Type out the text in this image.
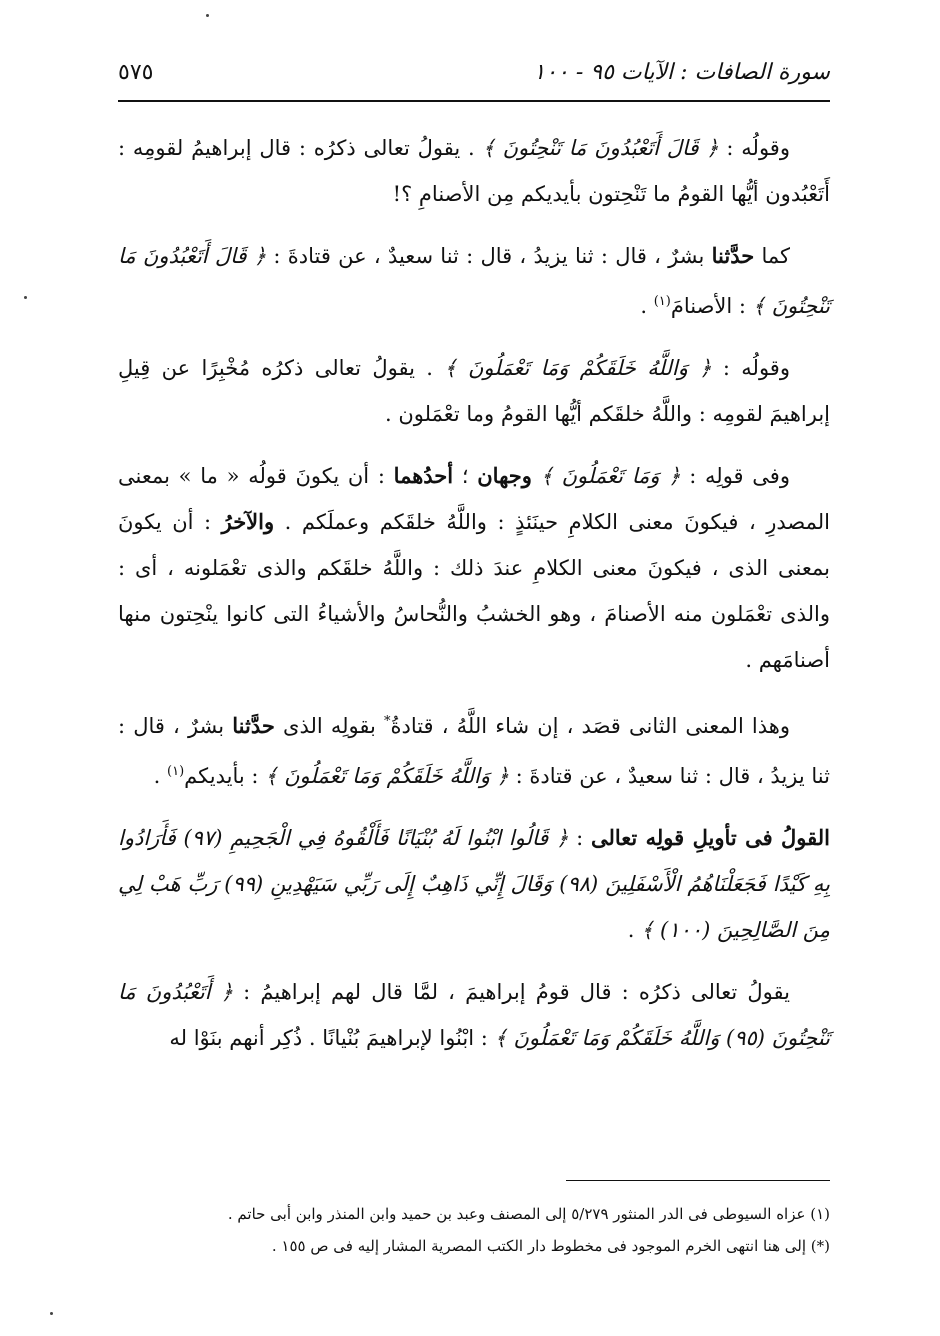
سورة الصافات : الآيات ٩٥ - ١٠٠
٥٧٥

وقولُه : ﴿ قَالَ أَتَعْبُدُونَ مَا تَنْحِتُونَ ﴾ . يقولُ تعالى ذكرُه : قال إبراهيمُ لقومِه : أَتَعْبُدون أيُّها القومُ ما تَنْحِتون بأيديكم مِن الأصنامِ ؟!

كما حدَّثنا بشرٌ ، قال : ثنا يزيدُ ، قال : ثنا سعيدٌ ، عن قتادةَ : ﴿ قَالَ أَتَعْبُدُونَ مَا تَنْحِتُونَ ﴾ : الأصنامَ$^{(١)}$ .

وقولُه : ﴿ وَاللَّهُ خَلَقَكُمْ وَمَا تَعْمَلُونَ ﴾ . يقولُ تعالى ذكرُه مُخْبِرًا عن قِيلِ إبراهيمَ لقومِه : واللَّهُ خلقَكم أيُّها القومُ وما تعْمَلون .

وفى قولِه : ﴿ وَمَا تَعْمَلُونَ ﴾ وجهان ؛ أحدُهما : أن يكونَ قولُه « ما » بمعنى المصدرِ ، فيكونَ معنى الكلامِ حينَئذٍ : واللَّهُ خلقَكم وعملَكم . والآخرُ : أن يكونَ بمعنى الذى ، فيكونَ معنى الكلامِ عندَ ذلك : واللَّهُ خلقَكم والذى تعْمَلونه ، أى : والذى تعْمَلون منه الأصنامَ ، وهو الخشبُ والنُّحاسُ والأشياءُ التى كانوا ينْحِتون منها أصنامَهم .

وهذا المعنى الثانى قصَد ، إن شاء اللَّهُ ، قتادةُ* بقولِه الذى حدَّثنا بشرٌ ، قال : ثنا يزيدُ ، قال : ثنا سعيدٌ ، عن قتادةَ : ﴿ وَاللَّهُ خَلَقَكُمْ وَمَا تَعْمَلُونَ ﴾ : بأيديكم$^{(١)}$ .

القولُ فى تأويلِ قولِه تعالى : ﴿ قَالُوا ابْنُوا لَهُ بُنْيَانًا فَأَلْقُوهُ فِي الْجَحِيمِ (٩٧) فَأَرَادُوا بِهِ كَيْدًا فَجَعَلْنَاهُمُ الْأَسْفَلِينَ (٩٨) وَقَالَ إِنِّي ذَاهِبٌ إِلَى رَبِّي سَيَهْدِينِ (٩٩) رَبِّ هَبْ لِي مِنَ الصَّالِحِينَ (١٠٠) ﴾ .

يقولُ تعالى ذكرُه : قال قومُ إبراهيمَ ، لمَّا قال لهم إبراهيمُ : ﴿ أَتَعْبُدُونَ مَا تَنْحِتُونَ (٩٥) وَاللَّهُ خَلَقَكُمْ وَمَا تَعْمَلُونَ ﴾ : ابْنُوا لإبراهيمَ بُنْيانًا . ذُكِر أنهم بنَوْا له

(١) عزاه السيوطى فى الدر المنثور ٥/٢٧٩ إلى المصنف وعبد بن حميد وابن المنذر وابن أبى حاتم .

(*) إلى هنا انتهى الخرم الموجود فى مخطوط دار الكتب المصرية المشار إليه فى ص ١٥٥ .
